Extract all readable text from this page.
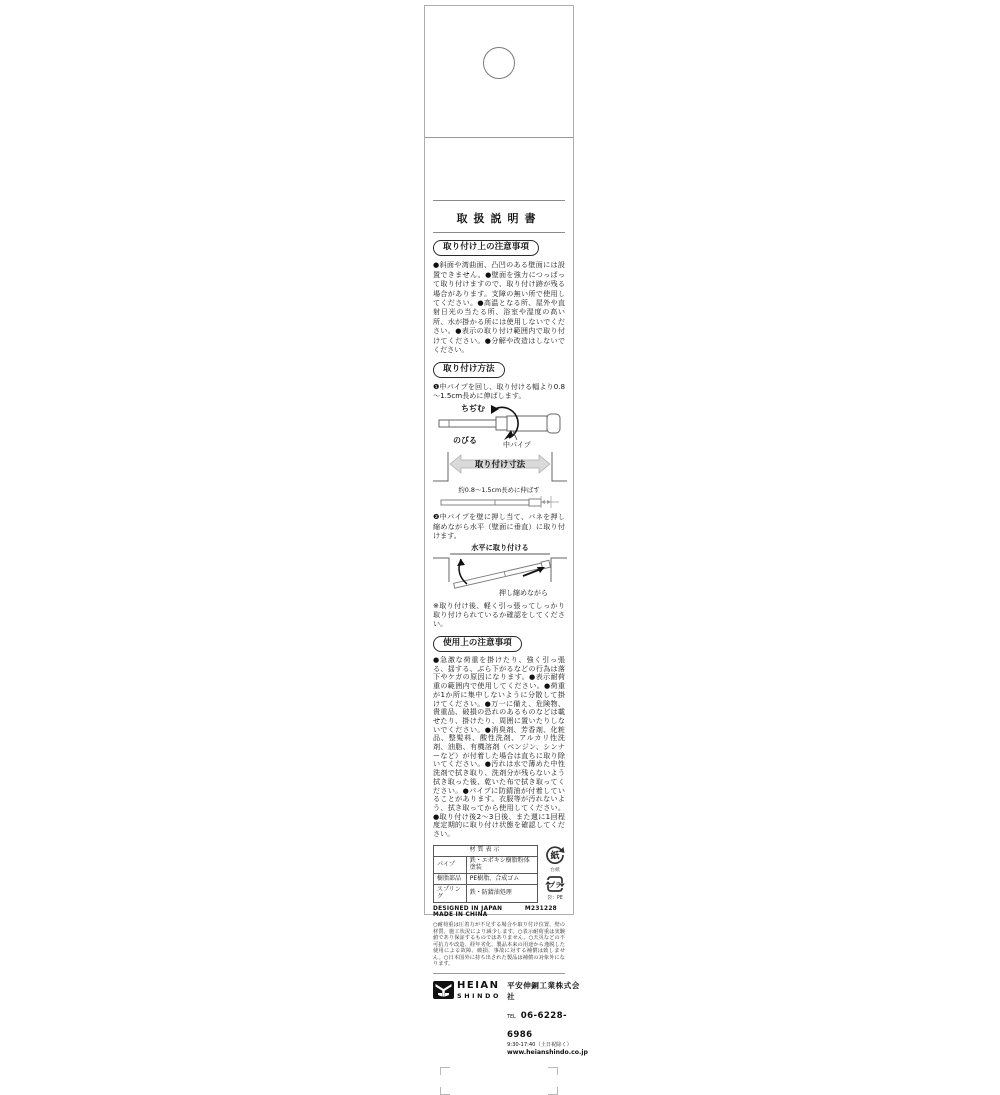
取扱説明書
取り付け上の注意事項
●斜面や湾曲面、凸凹のある壁面には設置できません。●壁面を強力につっぱって取り付けますので、取り付け跡が残る場合があります。支障の無い所で使用してください。●高温となる所、屋外や直射日光の当たる所、浴室や湿度の高い所、水が掛かる所には使用しないでください。●表示の取り付け範囲内で取り付けてください。●分解や改造はしないでください。
取り付け方法
❶中パイプを回し、取り付ける幅より0.8～1.5cm長めに伸ばします。
ちぢむ
のびる	中パイプ
取り付け寸法
約0.8～1.5cm長めに伸ばす
❷中パイプを壁に押し当て、バネを押し縮めながら水平（壁面に垂直）に取り付けます。
水平に取り付ける
押し縮めながら
※取り付け後、軽く引っ張ってしっかり取り付けられているか確認をしてください。
使用上の注意事項
●急激な荷重を掛けたり、強く引っ張る、揺する、ぶら下がるなどの行為は落下やケガの原因になります。●表示耐荷重の範囲内で使用してください。●荷重が1か所に集中しないように分散して掛けてください。●万一に備え、危険物、貴重品、破損の恐れのあるものなどは載せたり、掛けたり、周囲に置いたりしないでください。●消臭剤、芳香剤、化粧品、整髪料、酸性洗剤、アルカリ性洗剤、油脂、有機溶剤（ベンジン、シンナーなど）が付着した場合は直ちに取り除いてください。●汚れは水で薄めた中性洗剤で拭き取り、洗剤分が残らないよう拭き取った後、乾いた布で拭き取ってください。●パイプに防錆油が付着していることがあります。衣服等が汚れないよう、拭き取ってから使用してください。●取り付け後2～3日後、また週に1回程度定期的に取り付け状態を確認してください。
材質表示	
パイプ	鉄・エポキシ樹脂粉体塗装
樹脂部品	PE樹脂、合成ゴム
スプリング	鉄・防錆油処理
紙
台紙
プラ
袋：PE
DESIGNED IN JAPAN	M231228
MADE IN CHINA
○耐荷重は圧着力が不足する場合や取り付け位置、壁の材質、施工状況により減少します。○表示耐荷重は実験値であり保証するものではありません。○天災などの不可抗力や改造、経年劣化、製品本来の用途から逸脱した使用による故障、破損、事故に対する補償は致しません。○日本国外に持ち出された製品は補償の対象外になります。
HEIAN
SHINDO
平安伸銅工業株式会社
TEL 06-6228-6986
9:30-17:40（土日祝除く）
www.heianshindo.co.jp
